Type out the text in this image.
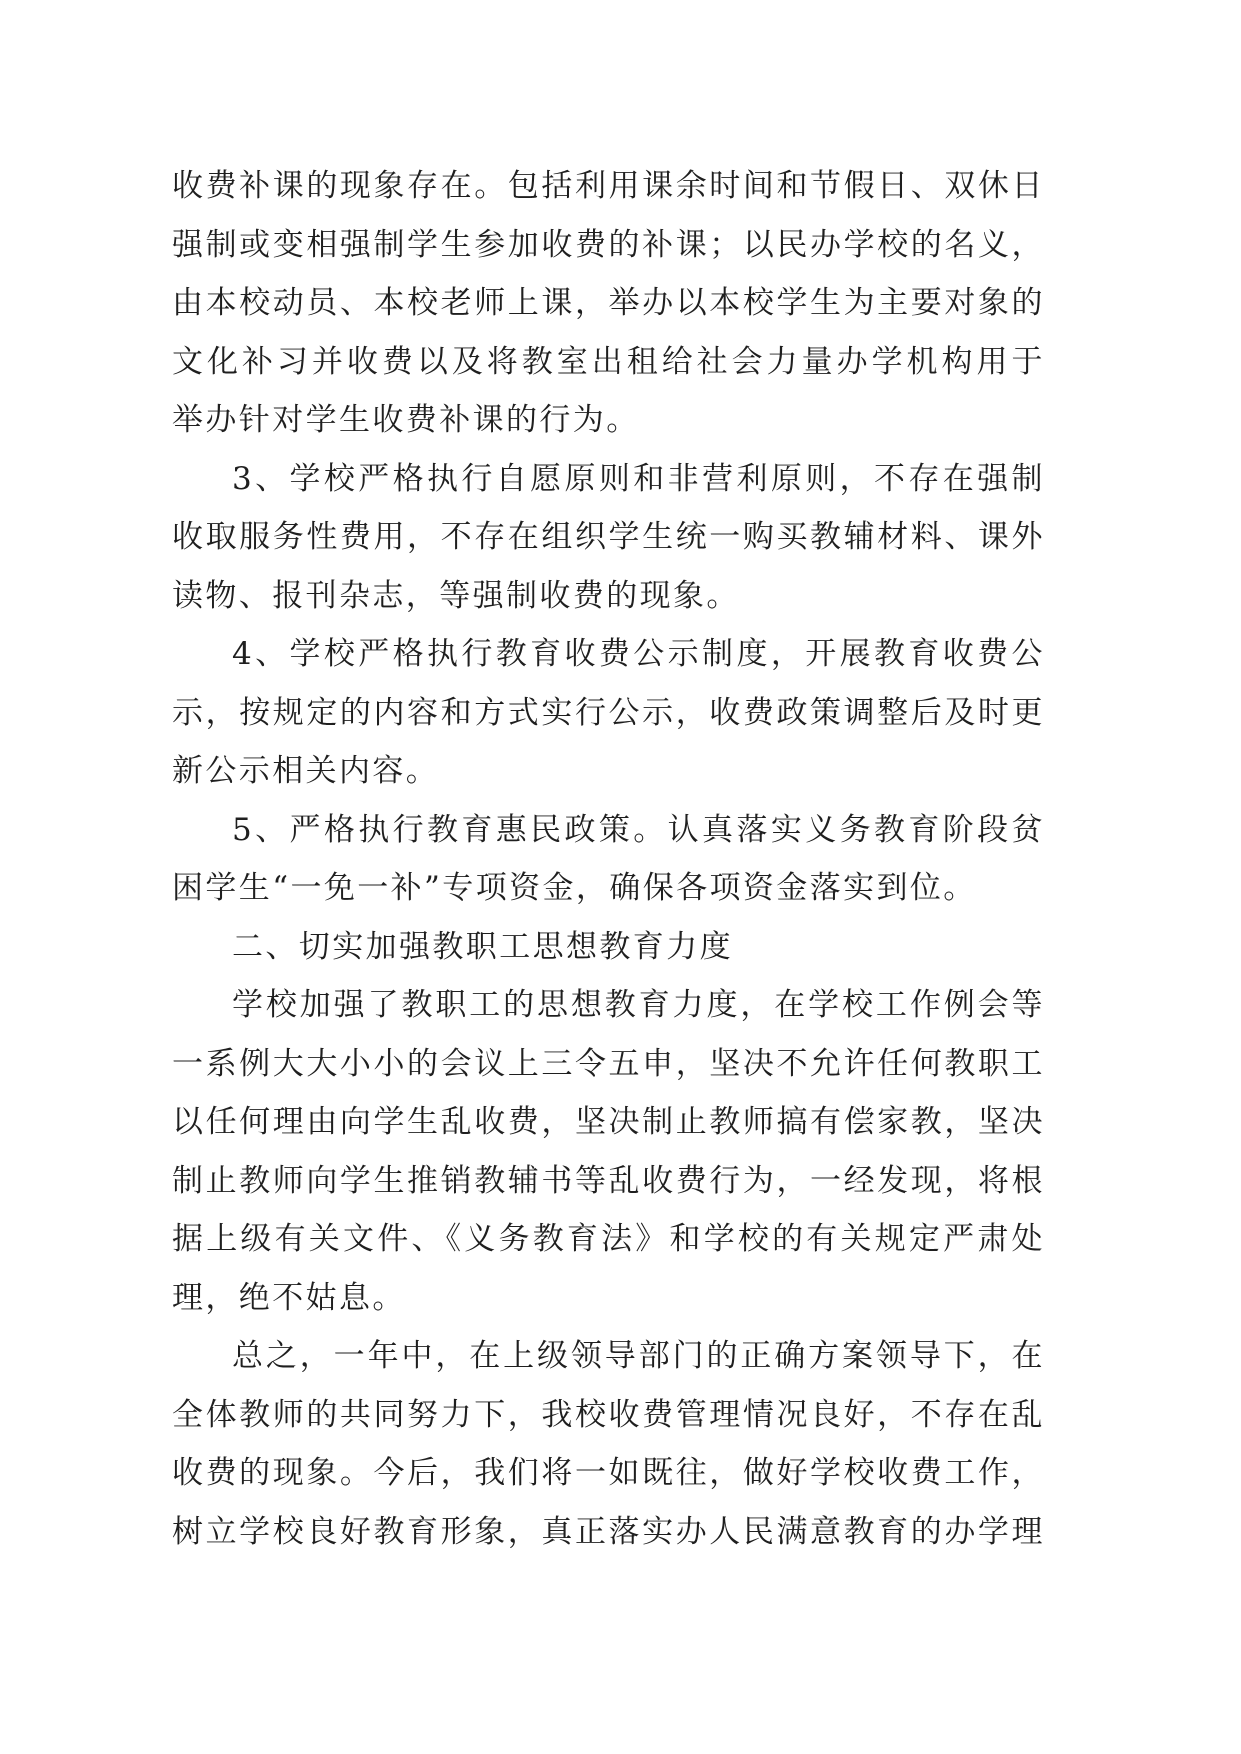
收费补课的现象存在。包括利用课余时间和节假日、双休日
强制或变相强制学生参加收费的补课；以民办学校的名义，
由本校动员、本校老师上课，举办以本校学生为主要对象的
文化补习并收费以及将教室出租给社会力量办学机构用于
举办针对学生收费补课的行为。
3、学校严格执行自愿原则和非营利原则，不存在强制
收取服务性费用，不存在组织学生统一购买教辅材料、课外
读物、报刊杂志，等强制收费的现象。
4、学校严格执行教育收费公示制度，开展教育收费公
示，按规定的内容和方式实行公示，收费政策调整后及时更
新公示相关内容。
5、严格执行教育惠民政策。认真落实义务教育阶段贫
困学生“一免一补”专项资金，确保各项资金落实到位。
二、切实加强教职工思想教育力度
学校加强了教职工的思想教育力度，在学校工作例会等
一系例大大小小的会议上三令五申，坚决不允许任何教职工
以任何理由向学生乱收费，坚决制止教师搞有偿家教，坚决
制止教师向学生推销教辅书等乱收费行为，一经发现，将根
据上级有关文件、《义务教育法》和学校的有关规定严肃处
理，绝不姑息。
总之，一年中，在上级领导部门的正确方案领导下，在
全体教师的共同努力下，我校收费管理情况良好，不存在乱
收费的现象。今后，我们将一如既往，做好学校收费工作，
树立学校良好教育形象，真正落实办人民满意教育的办学理
